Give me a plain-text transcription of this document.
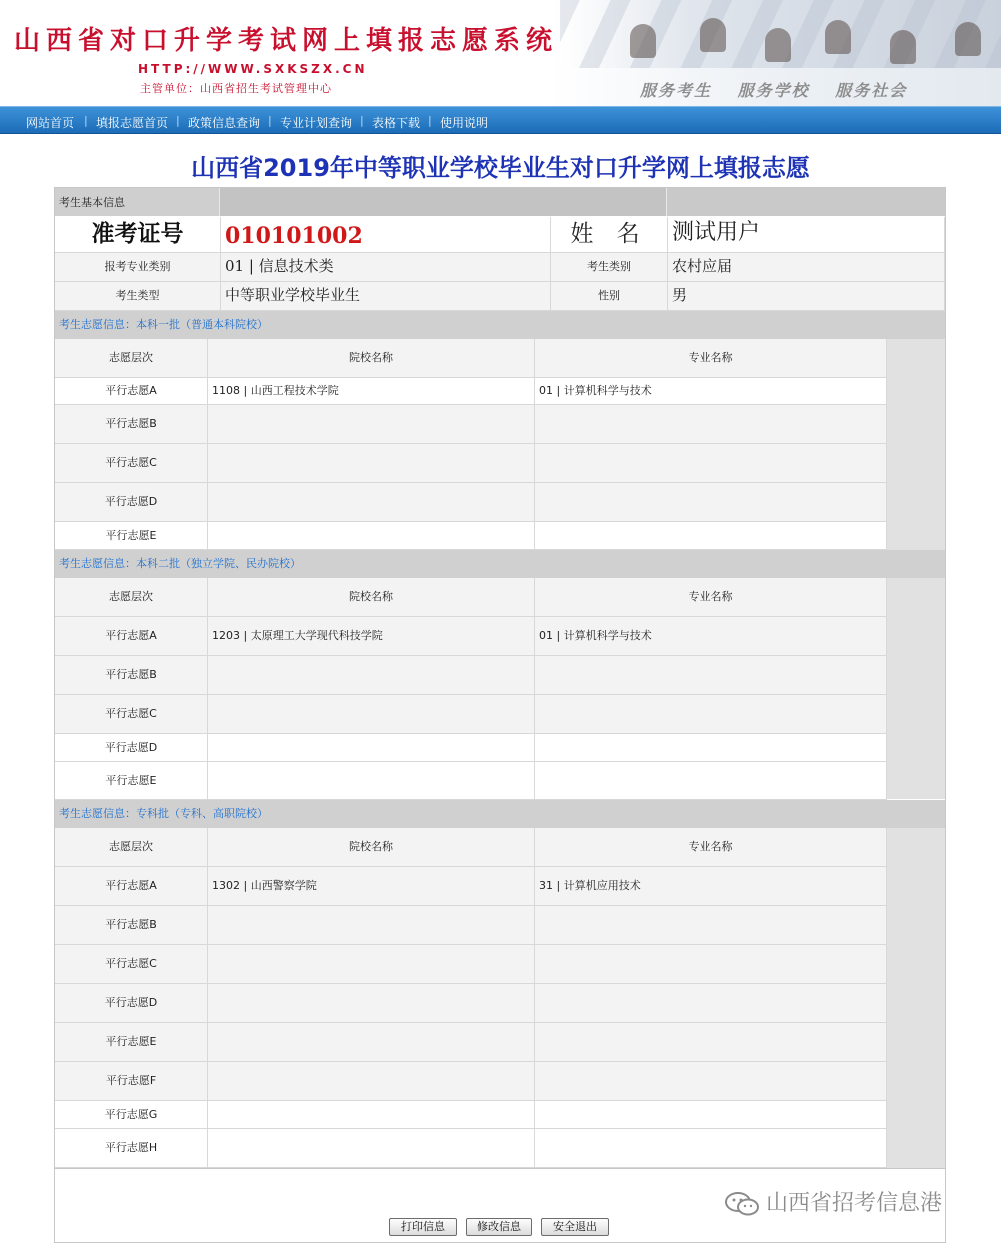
山西省对口升学考试网上填报志愿系统
HTTP://WWW.SXKSZX.CN
主管单位：山西省招生考试管理中心	服务考生 服务学校 服务社会
网站首页 | 填报志愿首页 | 政策信息查询 | 专业计划查询 | 表格下载 | 使用说明
山西省2019年中等职业学校毕业生对口升学网上填报志愿
考生基本信息
准考证号	010101002	姓 名	测试用户
报考专业类别	01 | 信息技术类	考生类别	农村应届
考生类型	中等职业学校毕业生	性别	男
考生志愿信息：本科一批（普通本科院校）
志愿层次	院校名称	专业名称
平行志愿A	1108 | 山西工程技术学院	01 | 计算机科学与技术
平行志愿B
平行志愿C
平行志愿D
平行志愿E
考生志愿信息：本科二批（独立学院、民办院校）
志愿层次	院校名称	专业名称
平行志愿A	1203 | 太原理工大学现代科技学院	01 | 计算机科学与技术
平行志愿B
平行志愿C
平行志愿D
平行志愿E
考生志愿信息：专科批（专科、高职院校）
志愿层次	院校名称	专业名称
平行志愿A	1302 | 山西警察学院	31 | 计算机应用技术
平行志愿B
平行志愿C
平行志愿D
平行志愿E
平行志愿F
平行志愿G
平行志愿H
打印信息	修改信息	安全退出
山西省招考信息港
